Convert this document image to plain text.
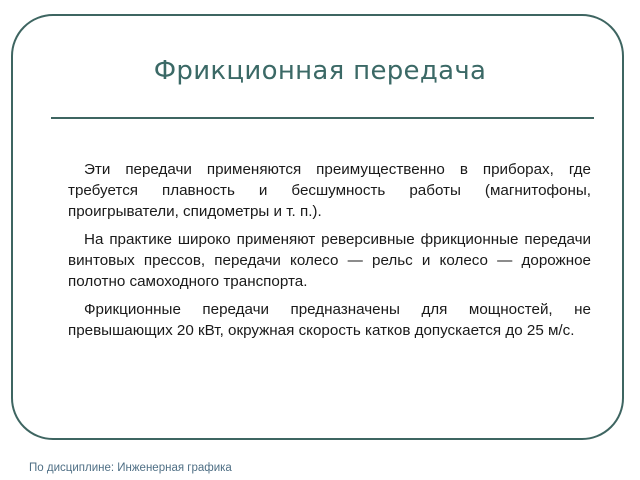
Фрикционная передача

Эти передачи применяются преимущественно в приборах, где требуется плавность и бесшумность работы (магнитофоны, проигрыватели, спидометры и т. п.).

На практике широко применяют реверсивные фрикционные передачи винтовых прессов, передачи колесо — рельс и колесо — дорожное полотно самоходного транспорта.

Фрикционные передачи предназначены для мощностей, не превышающих 20 кВт, окружная скорость катков допускается до 25 м/с.

По дисциплине: Инженерная графика
